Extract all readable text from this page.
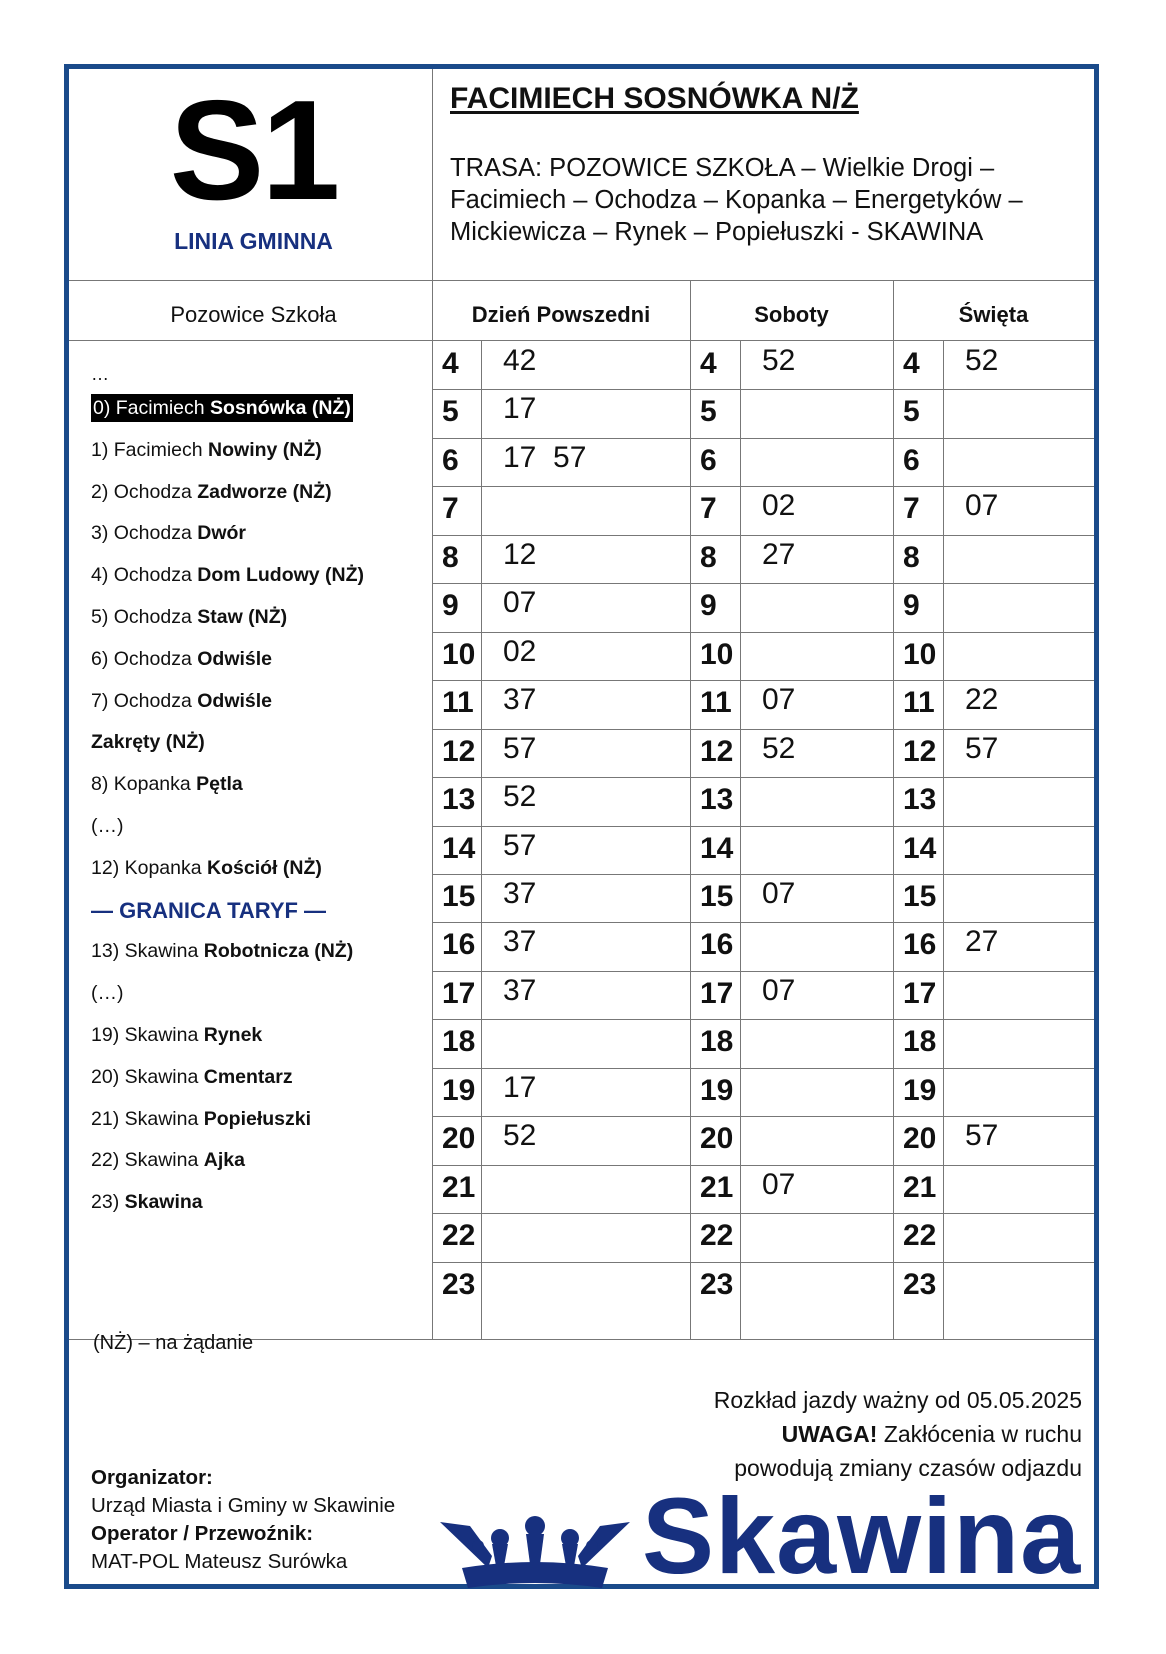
S1
LINIA GMINNA
FACIMIECH SOSNÓWKA N/Ż
TRASA: POZOWICE SZKOŁA – Wielkie Drogi –
Facimiech – Ochodza – Kopanka – Energetyków –
Mickiewicza – Rynek – Popiełuszki - SKAWINA
Pozowice Szkoła	Dzień Powszedni	Soboty	Święta
…
0) Facimiech Sosnówka (NŻ)
1) Facimiech Nowiny (NŻ)
2) Ochodza Zadworze (NŻ)
3) Ochodza Dwór
4) Ochodza Dom Ludowy (NŻ)
5) Ochodza Staw (NŻ)
6) Ochodza Odwiśle
7) Ochodza Odwiśle
Zakręty (NŻ)
8) Kopanka Pętla
(…)
12) Kopanka Kościół (NŻ)
— GRANICA TARYF —
13) Skawina Robotnicza (NŻ)
(…)
19) Skawina Rynek
20) Skawina Cmentarz
21) Skawina Popiełuszki
22) Skawina Ajka
23) Skawina
(NŻ) – na żądanie
4 42	4 52	4 52
5 17	5	5
6 17  57	6	6
7	7 02	7 07
8 12	8 27	8
9 07	9	9
10 02	10	10
11 37	11 07	11 22
12 57	12 52	12 57
13 52	13	13
14 57	14	14
15 37	15 07	15
16 37	16	16 27
17 37	17 07	17
18	18	18
19 17	19	19
20 52	20	20 57
21	21 07	21
22	22	22
23	23	23
Rozkład jazdy ważny od 05.05.2025
UWAGA! Zakłócenia w ruchu
powodują zmiany czasów odjazdu
Organizator:
Urząd Miasta i Gminy w Skawinie
Operator / Przewoźnik:
MAT-POL Mateusz Surówka	Skawina
